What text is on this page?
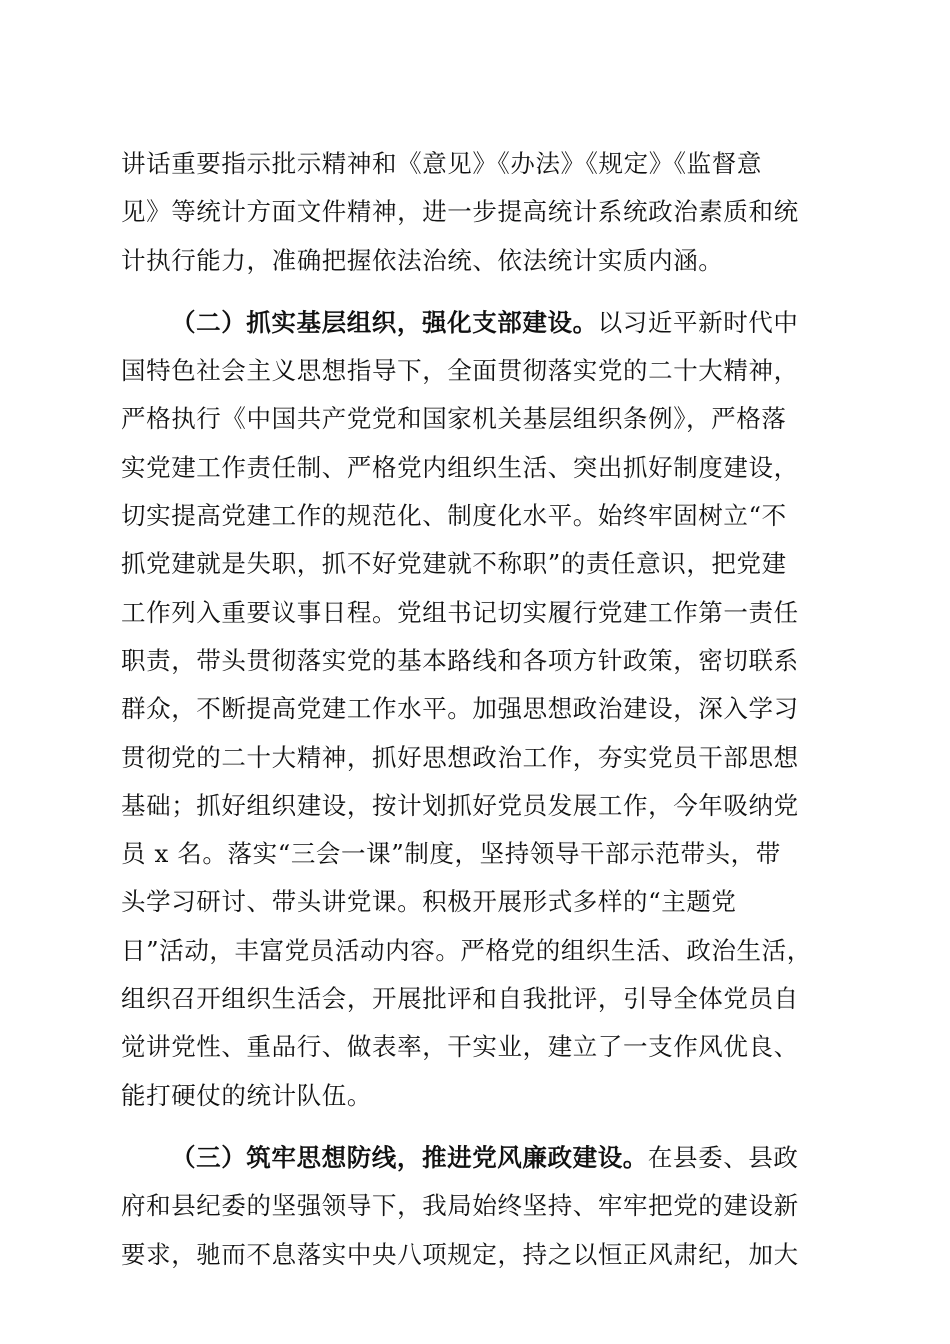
讲话重要指示批示精神和《意见》《办法》《规定》《监督意
见》等统计方面文件精神，进一步提高统计系统政治素质和统
计执行能力，准确把握依法治统、依法统计实质内涵。
（二）抓实基层组织，强化支部建设。以习近平新时代中
国特色社会主义思想指导下，全面贯彻落实党的二十大精神，
严格执行《中国共产党党和国家机关基层组织条例》，严格落
实党建工作责任制、严格党内组织生活、突出抓好制度建设，
切实提高党建工作的规范化、制度化水平。始终牢固树立“不
抓党建就是失职，抓不好党建就不称职”的责任意识，把党建
工作列入重要议事日程。党组书记切实履行党建工作第一责任
职责，带头贯彻落实党的基本路线和各项方针政策，密切联系
群众，不断提高党建工作水平。加强思想政治建设，深入学习
贯彻党的二十大精神，抓好思想政治工作，夯实党员干部思想
基础；抓好组织建设，按计划抓好党员发展工作，今年吸纳党
员 x 名。落实“三会一课”制度，坚持领导干部示范带头，带
头学习研讨、带头讲党课。积极开展形式多样的“主题党
日”活动，丰富党员活动内容。严格党的组织生活、政治生活，
组织召开组织生活会，开展批评和自我批评，引导全体党员自
觉讲党性、重品行、做表率，干实业，建立了一支作风优良、
能打硬仗的统计队伍。
（三）筑牢思想防线，推进党风廉政建设。在县委、县政
府和县纪委的坚强领导下，我局始终坚持、牢牢把党的建设新
要求，驰而不息落实中央八项规定，持之以恒正风肃纪，加大
